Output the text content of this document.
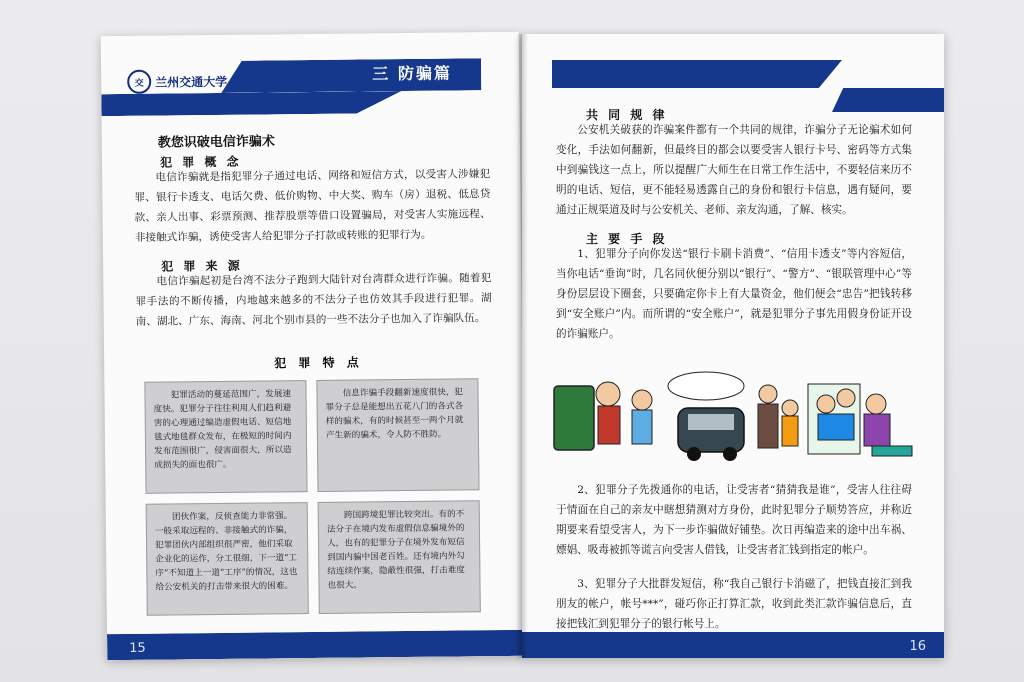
三 防骗篇
交 兰州交通大学
教您识破电信诈骗术
犯 罪 概 念
电信诈骗就是指犯罪分子通过电话、网络和短信方式，以受害人涉嫌犯罪、银行卡透支、电话欠费、低价购物、中大奖、购车（房）退税、低息贷款、亲人出事、彩票预测、推荐股票等借口设置骗局，对受害人实施远程、非接触式诈骗，诱使受害人给犯罪分子打款或转账的犯罪行为。
犯 罪 来 源
电信诈骗起初是台湾不法分子跑到大陆针对台湾群众进行诈骗。随着犯罪手法的不断传播，内地越来越多的不法分子也仿效其手段进行犯罪。湖南、湖北、广东、海南、河北个别市县的一些不法分子也加入了诈骗队伍。
犯 罪 特 点
犯罪活动的蔓延范围广，发展速度快。犯罪分子往往利用人们趋利避害的心理通过编造虚假电话、短信地毯式地毯群众发布，在极短的时间内发布范围很广，侵害面很大，所以造成损失的面也很广。
信息诈骗手段翻新速度很快，犯罪分子总是能想出五花八门的各式各样的骗术，有的时候甚至一两个月就产生新的骗术，令人防不胜防。
团伙作案，反侦查能力非常强。一般采取远程的、非接触式的诈骗，犯罪团伙内部组织很严密，他们采取企业化的运作，分工很细，下一道“工序”不知道上一道“工序”的情况，这也给公安机关的打击带来很大的困难。
跨国跨境犯罪比较突出。有的不法分子在境内发布虚假信息骗境外的人，也有的犯罪分子在境外发布短信到国内骗中国老百姓。还有境内外勾结连续作案，隐蔽性很强，打击难度也很大。
15
共 同 规 律
公安机关破获的诈骗案件都有一个共同的规律，诈骗分子无论骗术如何变化，手法如何翻新，但最终目的都会以要受害人银行卡号、密码等方式集中到骗钱这一点上，所以提醒广大师生在日常工作生活中，不要轻信来历不明的电话、短信，更不能轻易透露自己的身份和银行卡信息，遇有疑问，要通过正规渠道及时与公安机关、老师、亲友沟通，了解、核实。
主 要 手 段
1、犯罪分子向你发送“银行卡刷卡消费”、“信用卡透支”等内容短信，当你电话“垂询”时，几名同伙便分别以“银行”、“警方”、“银联管理中心”等身份层层设下圈套，只要确定你卡上有大量资金，他们便会“忠告”把钱转移到“安全账户”内。而所谓的“安全账户”，就是犯罪分子事先用假身份证开设的诈骗账户。
2、犯罪分子先拨通你的电话，让受害者“猜猜我是谁”，受害人往往碍于情面在自己的亲友中瞎想猜测对方身份，此时犯罪分子顺势答应，并称近期要来看望受害人，为下一步诈骗做好铺垫。次日再编造来的途中出车祸、嫖娼、吸毒被抓等谎言向受害人借钱，让受害者汇钱到指定的帐户。
3、犯罪分子大批群发短信，称“我自己银行卡消磁了，把钱直接汇到我朋友的帐户，帐号***”，碰巧你正打算汇款，收到此类汇款诈骗信息后，直接把钱汇到犯罪分子的银行帐号上。
16
